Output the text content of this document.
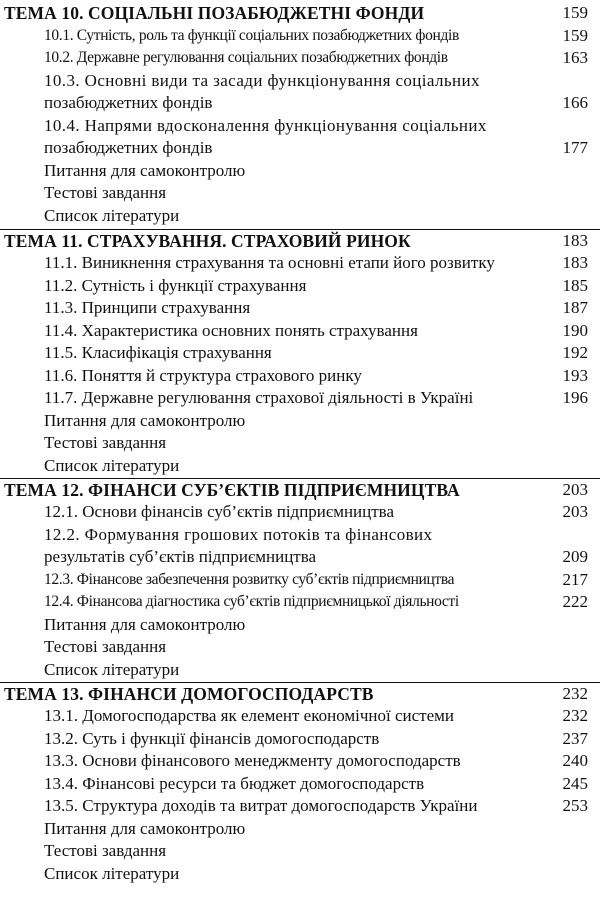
ТЕМА 10. СОЦІАЛЬНІ ПОЗАБЮДЖЕТНІ ФОНДИ	159
10.1. Сутність, роль та функції соціальних позабюджетних фондів	159
10.2. Державне регулювання соціальних позабюджетних фондів	163
10.3. Основні види та засади функціонування соціальних
позабюджетних фондів	166
10.4. Напрями вдосконалення функціонування соціальних
позабюджетних фондів	177
Питання для самоконтролю
Тестові завдання
Список літератури
ТЕМА 11. СТРАХУВАННЯ. СТРАХОВИЙ РИНОК	183
11.1. Виникнення страхування та основні етапи його розвитку	183
11.2. Сутність і функції страхування	185
11.3. Принципи страхування	187
11.4. Характеристика основних понять страхування	190
11.5. Класифікація страхування	192
11.6. Поняття й структура страхового ринку	193
11.7. Державне регулювання страхової діяльності в Україні	196
Питання для самоконтролю
Тестові завдання
Список літератури
ТЕМА 12. ФІНАНСИ СУБ’ЄКТІВ ПІДПРИЄМНИЦТВА	203
12.1. Основи фінансів суб’єктів підприємництва	203
12.2. Формування грошових потоків та фінансових
результатів суб’єктів підприємництва	209
12.3. Фінансове забезпечення розвитку суб’єктів підприємництва	217
12.4. Фінансова діагностика суб’єктів підприємницької діяльності	222
Питання для самоконтролю
Тестові завдання
Список літератури
ТЕМА 13. ФІНАНСИ ДОМОГОСПОДАРСТВ	232
13.1. Домогосподарства як елемент економічної системи	232
13.2. Суть і функції фінансів домогосподарств	237
13.3. Основи фінансового менеджменту домогосподарств	240
13.4. Фінансові ресурси та бюджет домогосподарств	245
13.5. Структура доходів та витрат домогосподарств України	253
Питання для самоконтролю
Тестові завдання
Список літератури
